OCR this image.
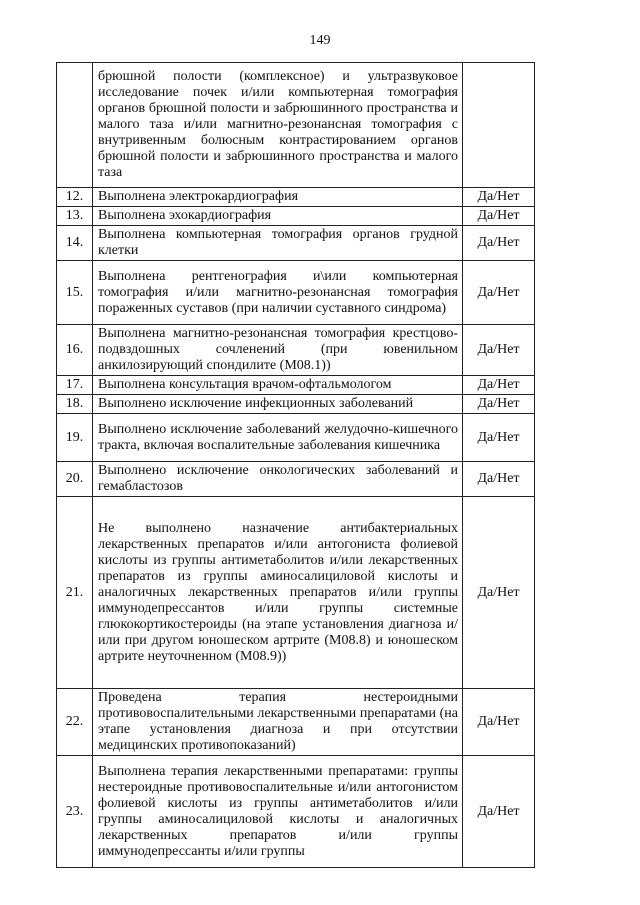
149
	брюшной полости (комплексное) и ультразвуковое исследование почек и/или компьютерная томография органов брюшной полости и забрюшинного пространства и малого таза и/или магнитно-резонансная томография с внутривенным болюсным контрастированием органов брюшной полости и забрюшинного пространства и малого таза	
12.	Выполнена электрокардиография	Да/Нет
13.	Выполнена эхокардиография	Да/Нет
14.	Выполнена компьютерная томография органов грудной клетки	Да/Нет
15.	Выполнена рентгенография и\или компьютерная томография и/или магнитно-резонансная томография пораженных суставов (при наличии суставного синдрома)	Да/Нет
16.	Выполнена магнитно-резонансная томография крестцово-подвздошных сочленений (при ювенильном анкилозирующий спондилите (M08.1))	Да/Нет
17.	Выполнена консультация врачом-офтальмологом	Да/Нет
18.	Выполнено исключение инфекционных заболеваний	Да/Нет
19.	Выполнено исключение заболеваний желудочно-кишечного тракта, включая воспалительные заболевания кишечника	Да/Нет
20.	Выполнено исключение онкологических заболеваний и гемабластозов	Да/Нет
21.	Не выполнено назначение антибактериальных лекарственных препаратов и/или антогониста фолиевой кислоты из группы антиметаболитов и/или лекарственных препаратов из группы аминосалициловой кислоты и аналогичных лекарственных препаратов и/или группы иммунодепрессантов и/или группы системные глюкокортикостероиды (на этапе установления диагноза и/или при другом юношеском артрите (M08.8) и юношеском артрите неуточненном (M08.9))	Да/Нет
22.	Проведена терапия нестероидными противовоспалительными лекарственными препаратами (на этапе установления диагноза и при отсутствии медицинских противопоказаний)	Да/Нет
23.	Выполнена терапия лекарственными препаратами: группы нестероидные противовоспалительные и/или антогонистом фолиевой кислоты из группы антиметаболитов и/или группы аминосалициловой кислоты и аналогичных лекарственных препаратов и/или группы иммунодепрессанты и/или группы	Да/Нет
